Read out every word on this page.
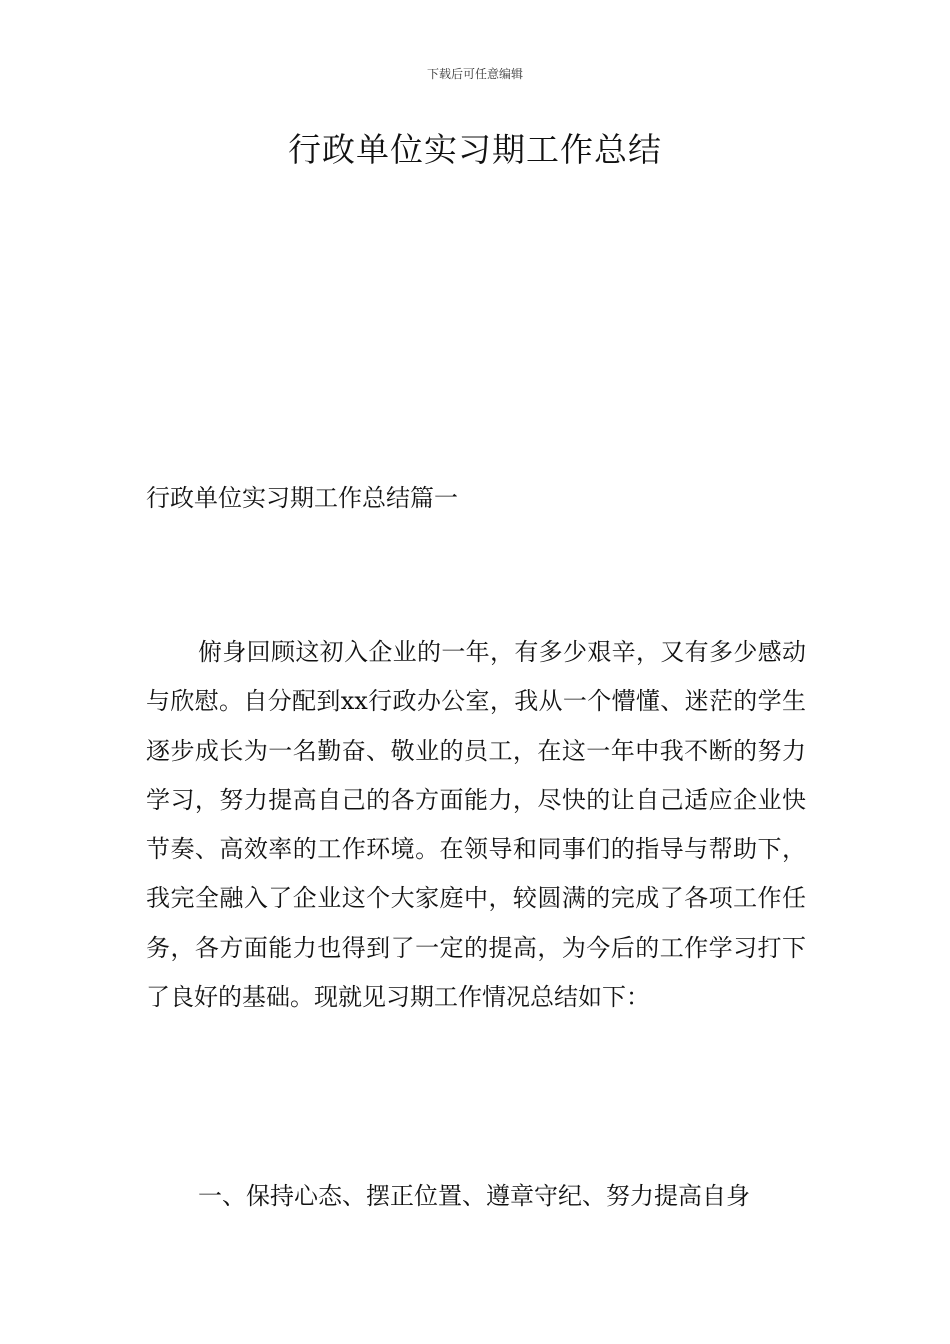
下载后可任意编辑
行政单位实习期工作总结
行政单位实习期工作总结篇一

俯身回顾这初入企业的一年，有多少艰辛，又有多少感动与欣慰。自分配到xx行政办公室，我从一个懵懂、迷茫的学生逐步成长为一名勤奋、敬业的员工，在这一年中我不断的努力学习，努力提高自己的各方面能力，尽快的让自己适应企业快节奏、高效率的工作环境。在领导和同事们的指导与帮助下，我完全融入了企业这个大家庭中，较圆满的完成了各项工作任务，各方面能力也得到了一定的提高，为今后的工作学习打下了良好的基础。现就见习期工作情况总结如下：

一、保持心态、摆正位置、遵章守纪、努力提高自身
